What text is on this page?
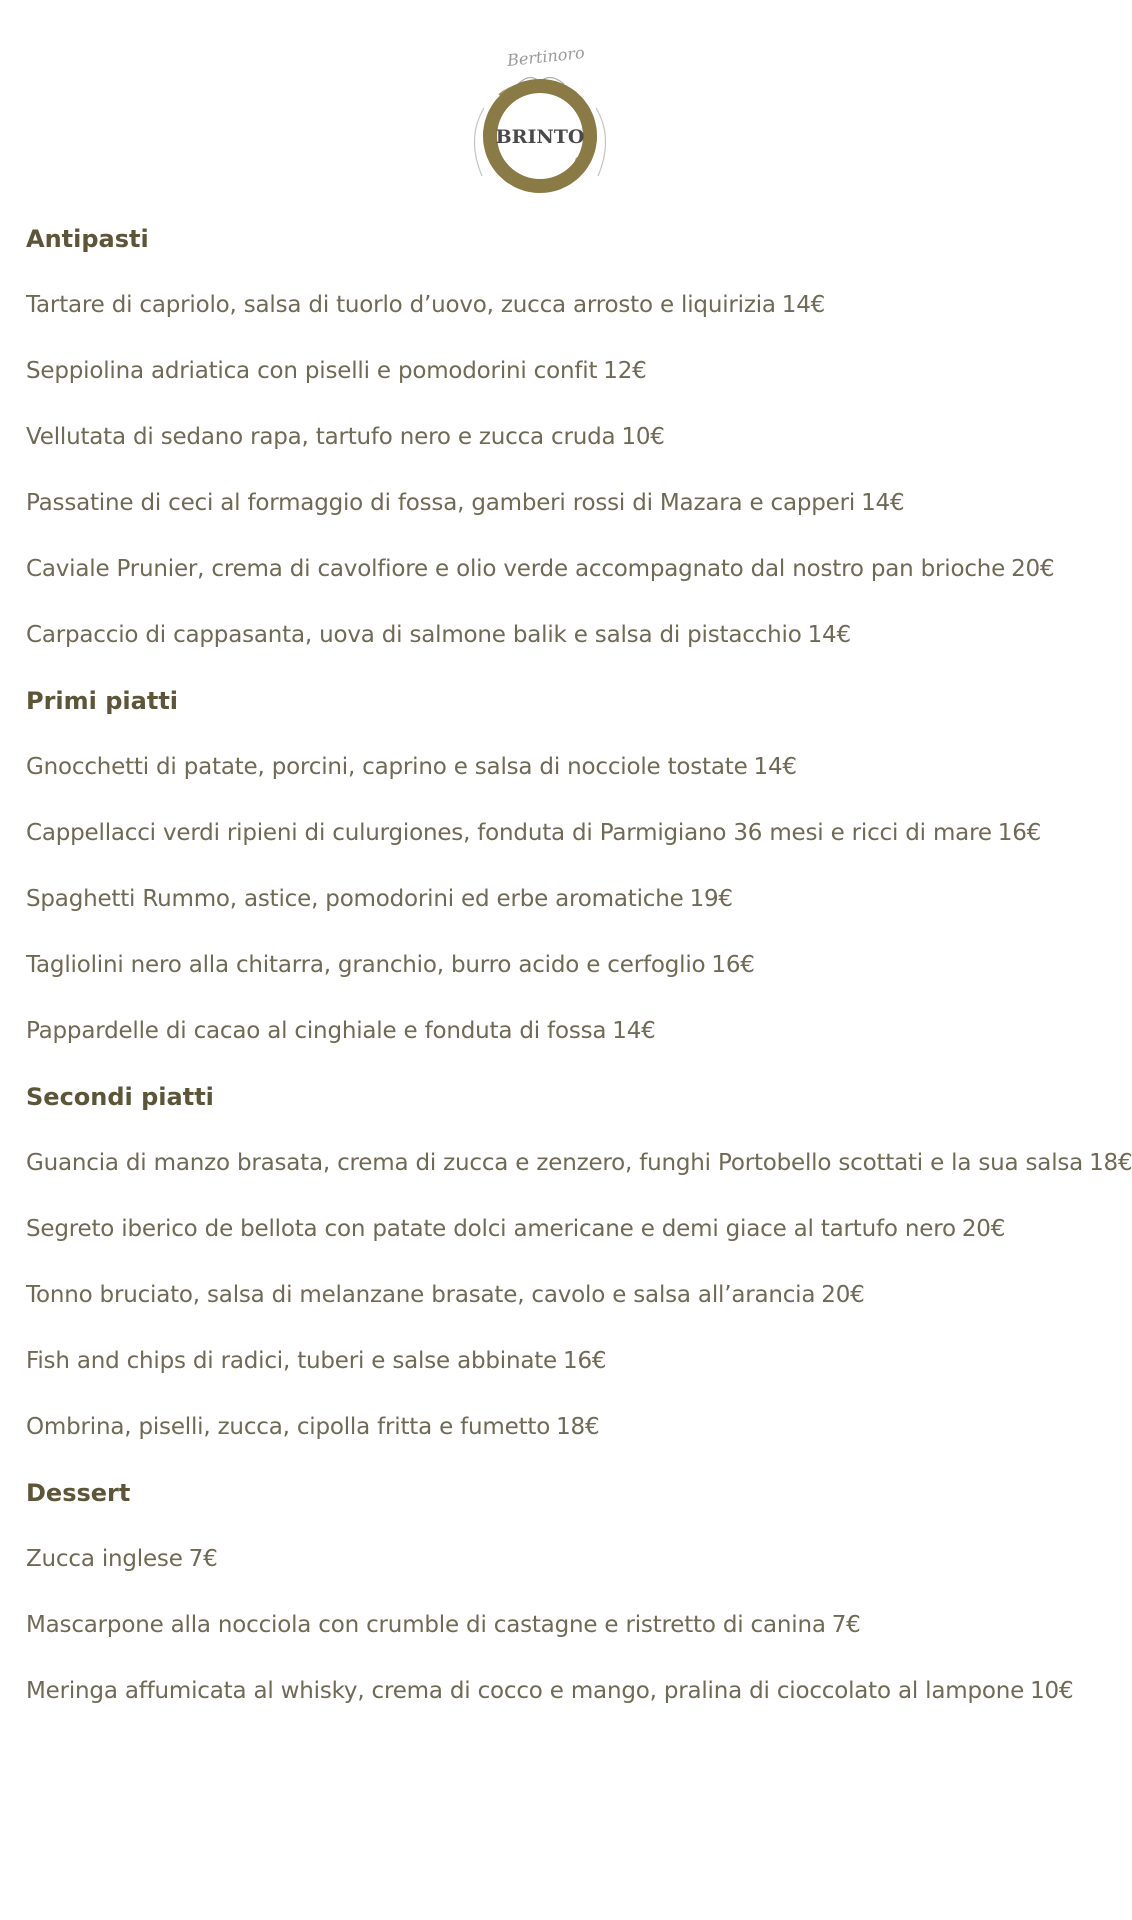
Bertinoro
BRINTO
Antipasti
Tartare di capriolo, salsa di tuorlo d’uovo, zucca arrosto e liquirizia 14€
Seppiolina adriatica con piselli e pomodorini confit 12€
Vellutata di sedano rapa, tartufo nero e zucca cruda 10€
Passatine di ceci al formaggio di fossa, gamberi rossi di Mazara e capperi 14€
Caviale Prunier, crema di cavolfiore e olio verde accompagnato dal nostro pan brioche 20€
Carpaccio di cappasanta, uova di salmone balik e salsa di pistacchio 14€
Primi piatti
Gnocchetti di patate, porcini, caprino e salsa di nocciole tostate 14€
Cappellacci verdi ripieni di culurgiones, fonduta di Parmigiano 36 mesi e ricci di mare 16€
Spaghetti Rummo, astice, pomodorini ed erbe aromatiche 19€
Tagliolini nero alla chitarra, granchio, burro acido e cerfoglio 16€
Pappardelle di cacao al cinghiale e fonduta di fossa 14€
Secondi piatti
Guancia di manzo brasata, crema di zucca e zenzero, funghi Portobello scottati e la sua salsa 18€
Segreto iberico de bellota con patate dolci americane e demi giace al tartufo nero 20€
Tonno bruciato, salsa di melanzane brasate, cavolo e salsa all’arancia 20€
Fish and chips di radici, tuberi e salse abbinate 16€
Ombrina, piselli, zucca, cipolla fritta e fumetto 18€
Dessert
Zucca inglese 7€
Mascarpone alla nocciola con crumble di castagne e ristretto di canina 7€
Meringa affumicata al whisky, crema di cocco e mango, pralina di cioccolato al lampone 10€
